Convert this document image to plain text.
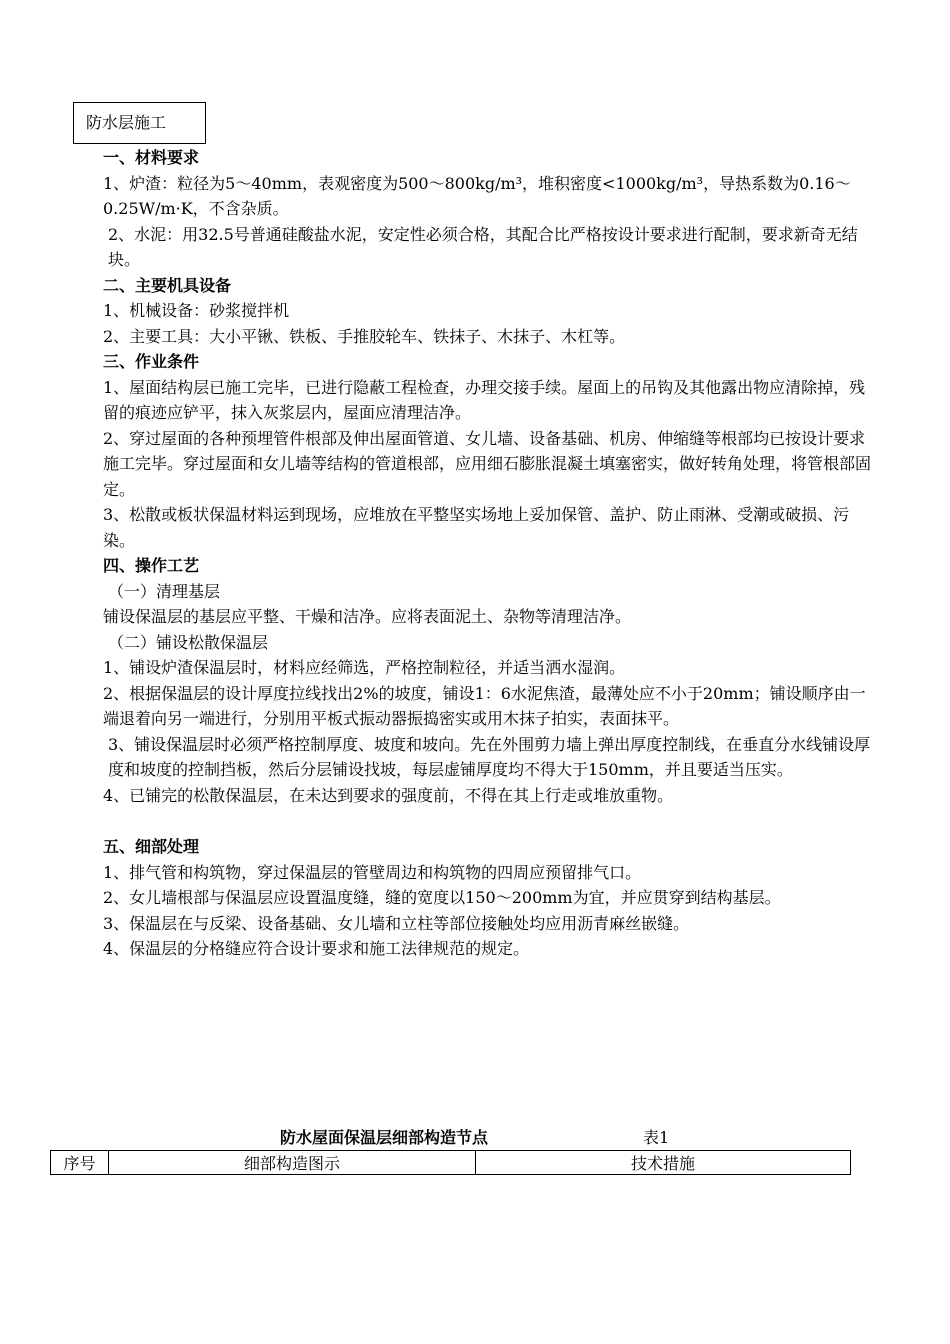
防水层施工

一、材料要求

1、炉渣：粒径为5～40mm，表观密度为500～800kg/m³，堆积密度<1000kg/m³，导热系数为0.16～0.25W/m·K，不含杂质。

2、水泥：用32.5号普通硅酸盐水泥，安定性必须合格，其配合比严格按设计要求进行配制，要求新奇无结块。

二、主要机具设备

1、机械设备：砂浆搅拌机

2、主要工具：大小平锹、铁板、手推胶轮车、铁抹子、木抹子、木杠等。

三、作业条件

1、屋面结构层已施工完毕，已进行隐蔽工程检查，办理交接手续。屋面上的吊钩及其他露出物应清除掉，残留的痕迹应铲平，抹入灰浆层内，屋面应清理洁净。

2、穿过屋面的各种预埋管件根部及伸出屋面管道、女儿墙、设备基础、机房、伸缩缝等根部均已按设计要求施工完毕。穿过屋面和女儿墙等结构的管道根部，应用细石膨胀混凝土填塞密实，做好转角处理，将管根部固定。

3、松散或板状保温材料运到现场，应堆放在平整坚实场地上妥加保管、盖护、防止雨淋、受潮或破损、污染。

四、操作工艺

（一）清理基层

铺设保温层的基层应平整、干燥和洁净。应将表面泥土、杂物等清理洁净。

（二）铺设松散保温层

1、铺设炉渣保温层时，材料应经筛选，严格控制粒径，并适当洒水湿润。

2、根据保温层的设计厚度拉线找出2%的坡度，铺设1：6水泥焦渣，最薄处应不小于20mm；铺设顺序由一端退着向另一端进行，分别用平板式振动器振捣密实或用木抹子拍实，表面抹平。

3、铺设保温层时必须严格控制厚度、坡度和坡向。先在外围剪力墙上弹出厚度控制线，在垂直分水线铺设厚度和坡度的控制挡板，然后分层铺设找坡，每层虚铺厚度均不得大于150mm，并且要适当压实。

4、已铺完的松散保温层，在未达到要求的强度前，不得在其上行走或堆放重物。

五、细部处理

1、排气管和构筑物，穿过保温层的管壁周边和构筑物的四周应预留排气口。

2、女儿墙根部与保温层应设置温度缝，缝的宽度以150～200mm为宜，并应贯穿到结构基层。

3、保温层在与反梁、设备基础、女儿墙和立柱等部位接触处均应用沥青麻丝嵌缝。

4、保温层的分格缝应符合设计要求和施工法律规范的规定。

防水屋面保温层细部构造节点	表1
序号	细部构造图示	技术措施
